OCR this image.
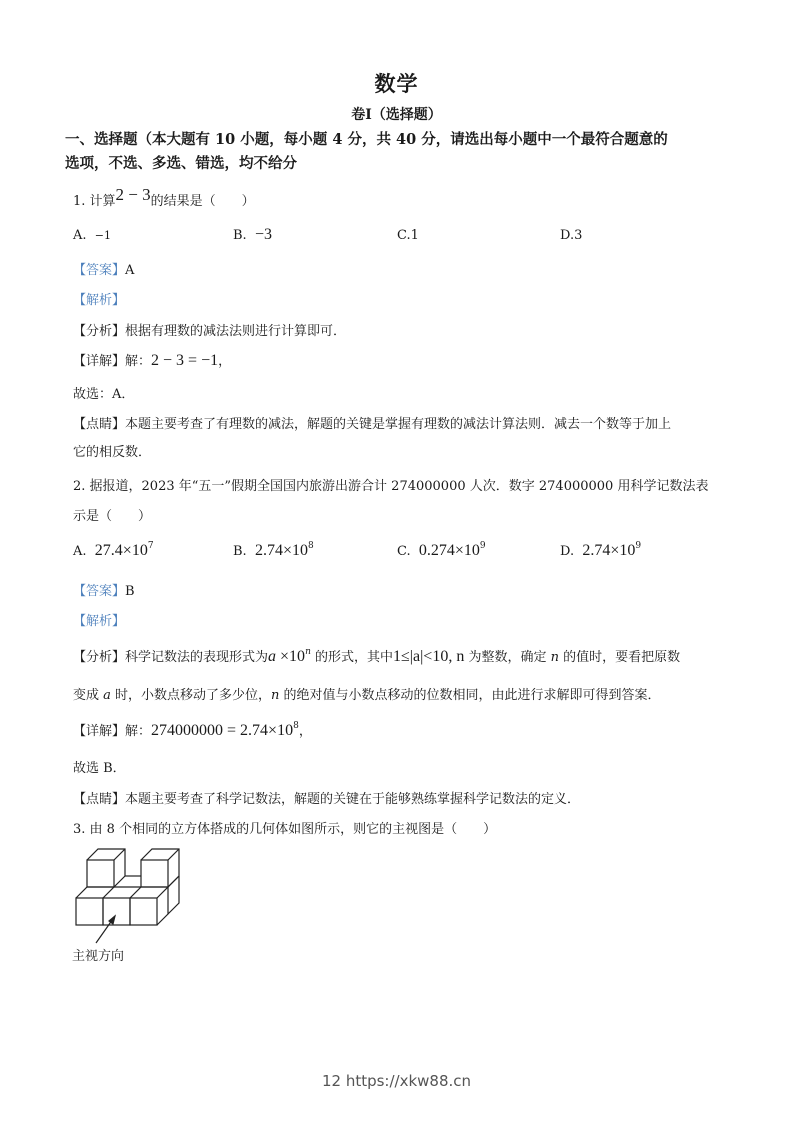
数学
卷Ⅰ（选择题）
一、选择题（本大题有 10 小题，每小题 4 分，共 40 分，请选出每小题中一个最符合题意的
选项，不选、多选、错选，均不给分
1. 计算2 − 3的结果是（　　）
A. −1	B. −3	C.1	D.3
【答案】A
【解析】
【分析】根据有理数的减法法则进行计算即可．
【详解】解：2 − 3 = −1，
故选：A．
【点睛】本题主要考查了有理数的减法，解题的关键是掌握有理数的减法计算法则．减去一个数等于加上
它的相反数．
2. 据报道，2023 年“五一”假期全国国内旅游出游合计 274000000 人次．数字 274000000 用科学记数法表
示是（　　）
A. $27.4\times 10^7$	B. $2.74\times 10^8$	C. $0.274\times 10^9$	D. $2.74\times 10^9$
【答案】B
【解析】
【分析】科学记数法的表现形式为$a \times 10^n$ 的形式，其中1≤|a|<10, n 为整数，确定 n 的值时，要看把原数
变成 a 时，小数点移动了多少位，n 的绝对值与小数点移动的位数相同，由此进行求解即可得到答案．
【详解】解：$274000000 = 2.74\times 10^8$，
故选 B．
【点睛】本题主要考查了科学记数法，解题的关键在于能够熟练掌握科学记数法的定义．
3. 由 8 个相同的立方体搭成的几何体如图所示，则它的主视图是（　　）
主视方向
12 https://xkw88.cn
